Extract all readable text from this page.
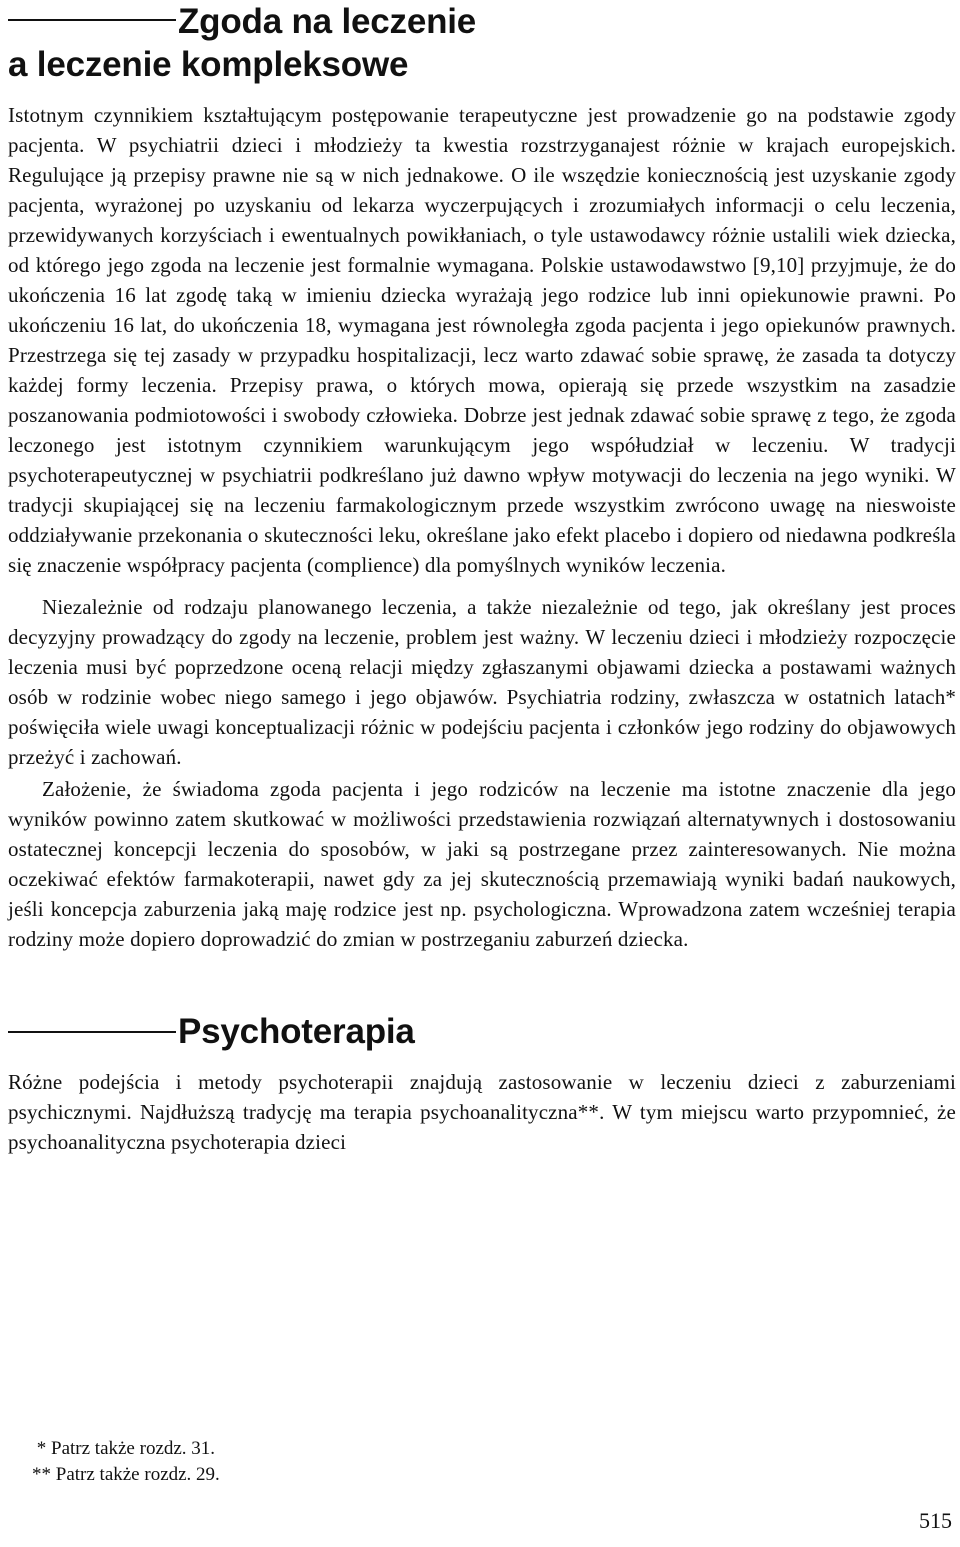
Zgoda na leczenie
a leczenie kompleksowe

Istotnym czynnikiem kształtującym postępowanie terapeutyczne jest prowadzenie go na podstawie zgody pacjenta. W psychiatrii dzieci i młodzieży ta kwestia rozstrzyganajest różnie w krajach europejskich. Regulujące ją przepisy prawne nie są w nich jednakowe. O ile wszędzie koniecznością jest uzyskanie zgody pacjenta, wyrażonej po uzyskaniu od lekarza wyczerpujących i zrozumiałych informacji o celu leczenia, przewidywanych korzyściach i ewentualnych powikłaniach, o tyle ustawodawcy różnie ustalili wiek dziecka, od którego jego zgoda na leczenie jest formalnie wymagana. Polskie ustawodawstwo [9,10] przyjmuje, że do ukończenia 16 lat zgodę taką w imieniu dziecka wyrażają jego rodzice lub inni opiekunowie prawni. Po ukończeniu 16 lat, do ukończenia 18, wymagana jest równoległa zgoda pacjenta i jego opiekunów prawnych. Przestrzega się tej zasady w przypadku hospitalizacji, lecz warto zdawać sobie sprawę, że zasada ta dotyczy każdej formy leczenia. Przepisy prawa, o których mowa, opierają się przede wszystkim na zasadzie poszanowania podmiotowości i swobody człowieka. Dobrze jest jednak zdawać sobie sprawę z tego, że zgoda leczonego jest istotnym czynnikiem warunkującym jego współudział w leczeniu. W tradycji psychoterapeutycznej w psychiatrii podkreślano już dawno wpływ motywacji do leczenia na jego wyniki. W tradycji skupiającej się na leczeniu farmakologicznym przede wszystkim zwrócono uwagę na nieswoiste oddziaływanie przekonania o skuteczności leku, określane jako efekt placebo i dopiero od niedawna podkreśla się znaczenie współpracy pacjenta (complience) dla pomyślnych wyników leczenia.

Niezależnie od rodzaju planowanego leczenia, a także niezależnie od tego, jak określany jest proces decyzyjny prowadzący do zgody na leczenie, problem jest ważny. W leczeniu dzieci i młodzieży rozpoczęcie leczenia musi być poprzedzone oceną relacji między zgłaszanymi objawami dziecka a postawami ważnych osób w rodzinie wobec niego samego i jego objawów. Psychiatria rodziny, zwłaszcza w ostatnich latach* poświęciła wiele uwagi konceptualizacji różnic w podejściu pacjenta i członków jego rodziny do objawowych przeżyć i zachowań.

Założenie, że świadoma zgoda pacjenta i jego rodziców na leczenie ma istotne znaczenie dla jego wyników powinno zatem skutkować w możliwości przedstawienia rozwiązań alternatywnych i dostosowaniu ostatecznej koncepcji leczenia do sposobów, w jaki są postrzegane przez zainteresowanych. Nie można oczekiwać efektów farmakoterapii, nawet gdy za jej skutecznością przemawiają wyniki badań naukowych, jeśli koncepcja zaburzenia jaką maję rodzice jest np. psychologiczna. Wprowadzona zatem wcześniej terapia rodziny może dopiero doprowadzić do zmian w postrzeganiu zaburzeń dziecka.

Psychoterapia

Różne podejścia i metody psychoterapii znajdują zastosowanie w leczeniu dzieci z zaburzeniami psychicznymi. Najdłuższą tradycję ma terapia psychoanalityczna**. W tym miejscu warto przypomnieć, że psychoanalityczna psychoterapia dzieci

* Patrz także rozdz. 31.
** Patrz także rozdz. 29.
515
